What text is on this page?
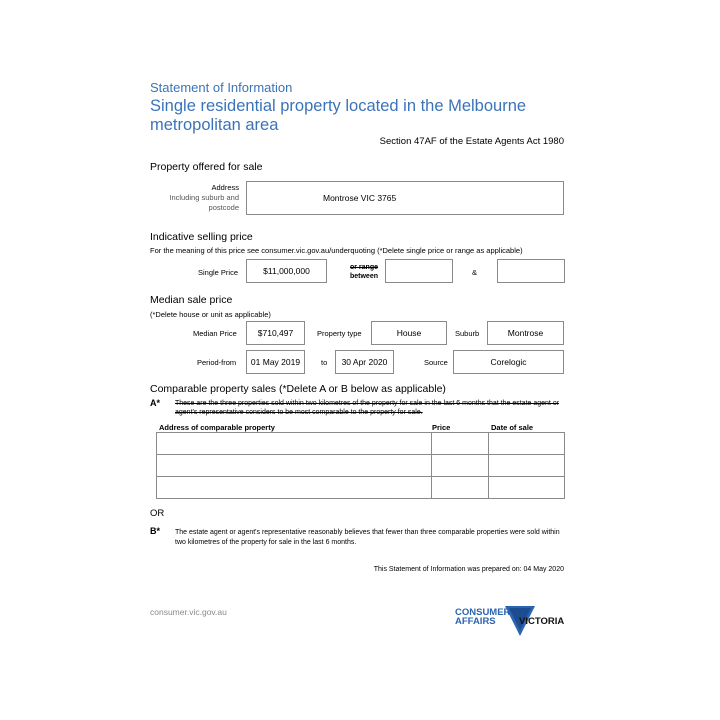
Statement of Information
Single residential property located in the Melbourne metropolitan area
Section 47AF of the Estate Agents Act 1980
Property offered for sale
Address
Including suburb and
postcode
Montrose VIC 3765
Indicative selling price
For the meaning of this price see consumer.vic.gov.au/underquoting (*Delete single price or range as applicable)
Single Price	$11,000,000	or range
between	&
Median sale price
(*Delete house or unit as applicable)
Median Price $710,497	Property type	House	Suburb	Montrose
Period-from 01 May 2019	to 30 Apr 2020	Source	Corelogic
Comparable property sales (*Delete A or B below as applicable)
A* These are the three properties sold within two kilometres of the property for sale in the last 6 months that the estate agent or agent's representative considers to be most comparable to the property for sale.
Address of comparable property	Price	Date of sale

OR
B* The estate agent or agent's representative reasonably believes that fewer than three comparable properties were sold within two kilometres of the property for sale in the last 6 months.
This Statement of Information was prepared on: 04 May 2020
consumer.vic.gov.au	CONSUMER
AFFAIRS VICTORIA
